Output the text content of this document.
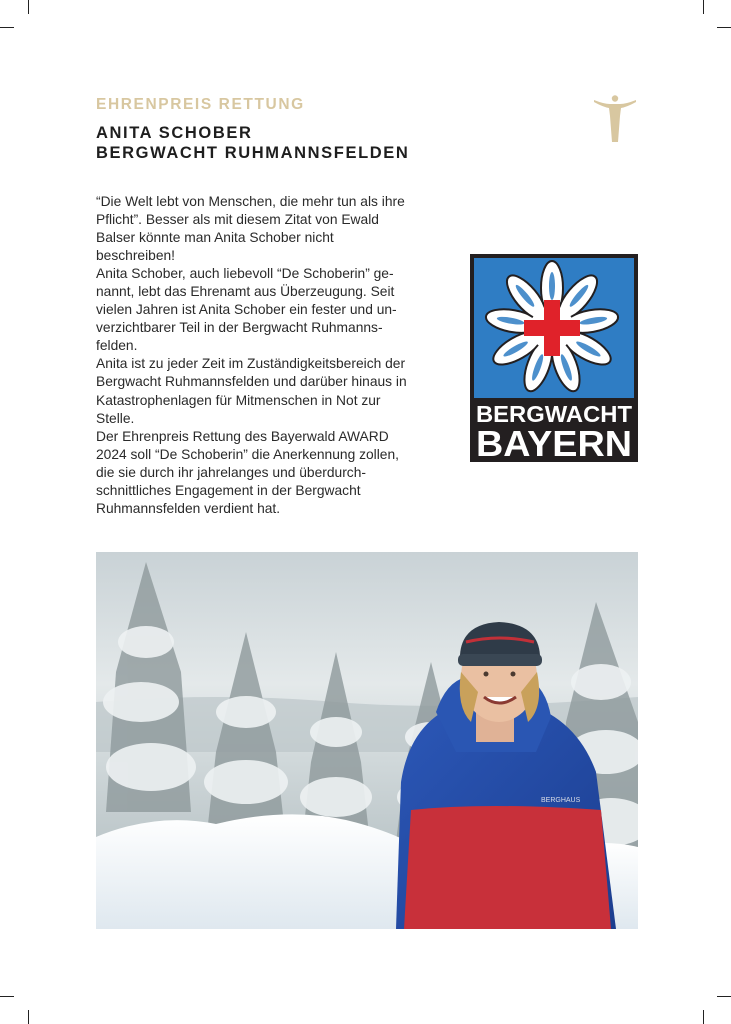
EHRENPREIS RETTUNG
ANITA SCHOBER
BERGWACHT RUHMANNSFELDEN

“Die Welt lebt von Menschen, die mehr tun als ihre

Pflicht”. Besser als mit diesem Zitat von Ewald

Balser könnte man Anita Schober nicht

beschreiben!

Anita Schober, auch liebevoll “De Schoberin” ge-

nannt, lebt das Ehrenamt aus Überzeugung. Seit

vielen Jahren ist Anita Schober ein fester und un-

verzichtbarer Teil in der Bergwacht Ruhmanns-

felden.

Anita ist zu jeder Zeit im Zuständigkeitsbereich der

Bergwacht Ruhmannsfelden und darüber hinaus in

Katastrophenlagen für Mitmenschen in Not zur

Stelle.

Der Ehrenpreis Rettung des Bayerwald AWARD

2024 soll “De Schoberin” die Anerkennung zollen,

die sie durch ihr jahrelanges und überdurch-

schnittliches Engagement in der Bergwacht

Ruhmannsfelden verdient hat.

BERGWACHT
BAYERN
BERGHAUS
